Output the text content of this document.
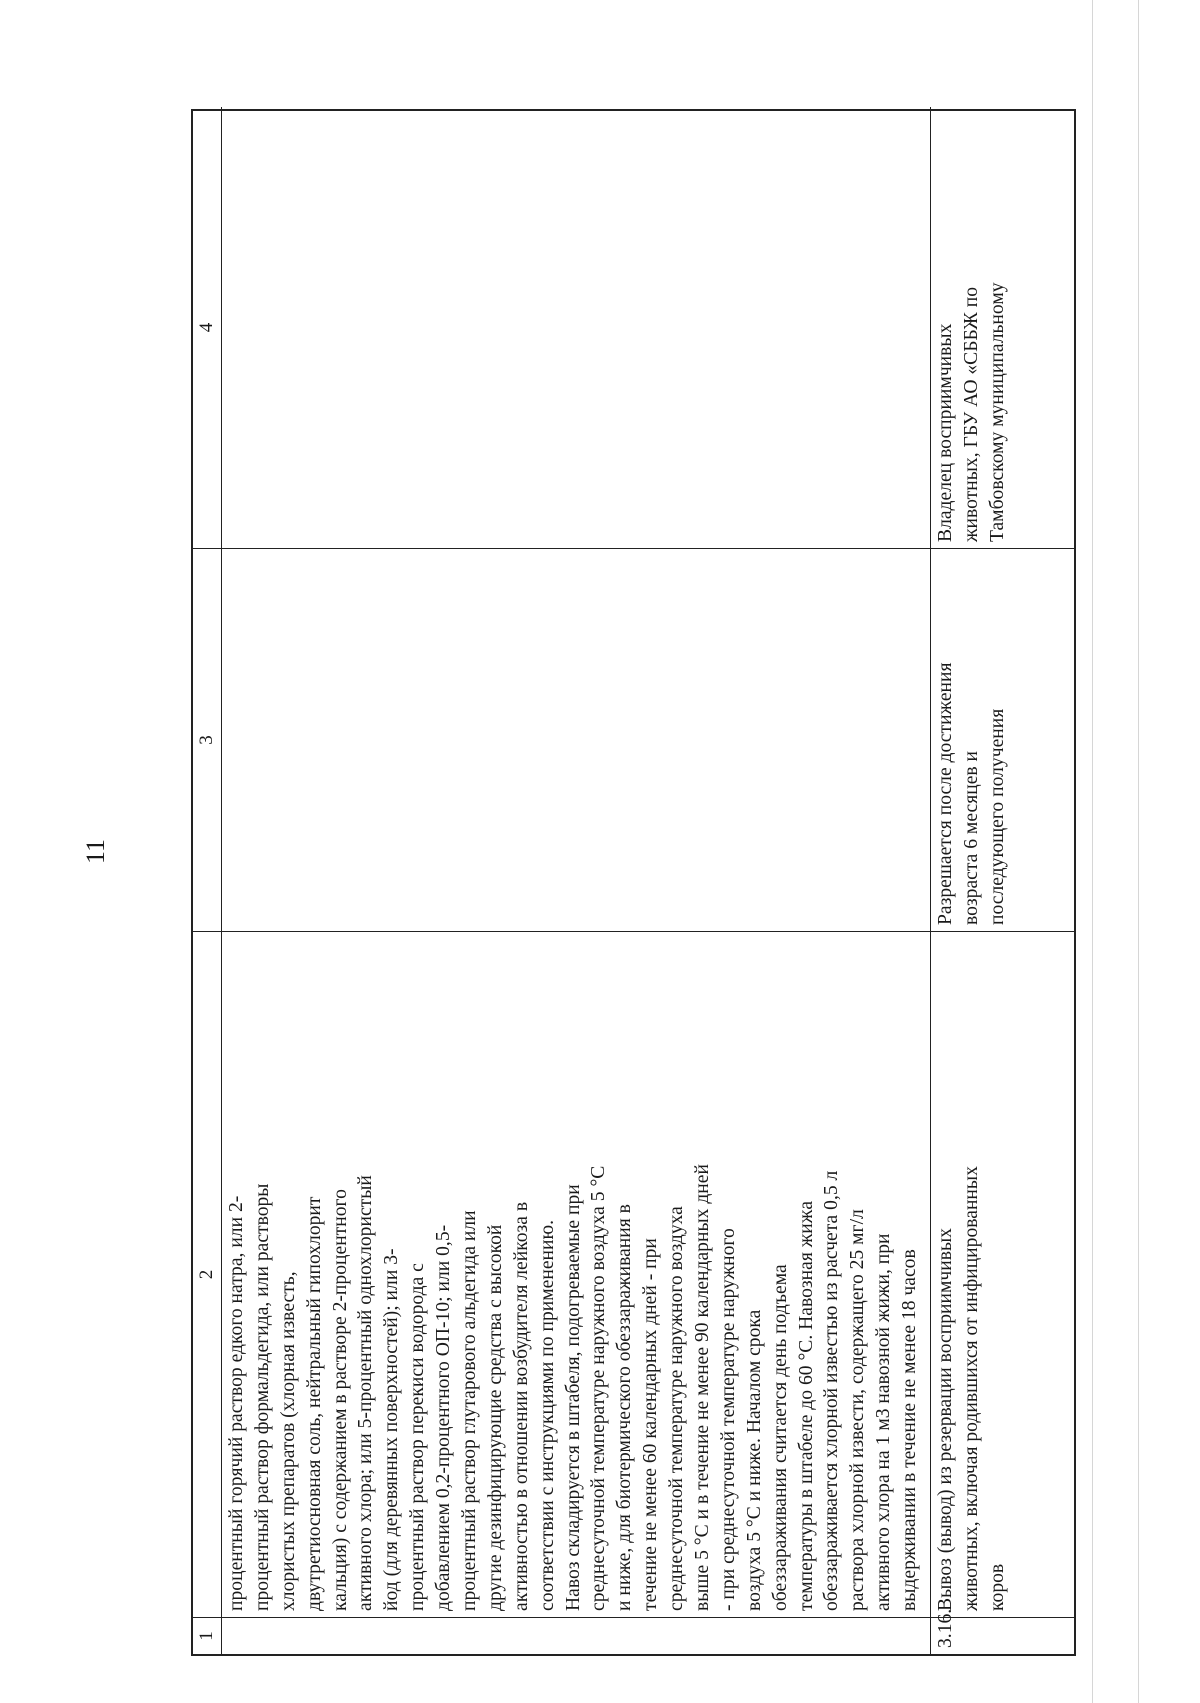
11
1
2
3
4
процентный горячий раствор едкого натра, или 2- процентный раствор формальдегида, или растворы хлористых препаратов (хлорная известь, двутретиосновная соль, нейтральный гипохлорит кальция) с содержанием в растворе 2-процентного активного хлора; или 5-процентный однохлористый йод (для деревянных поверхностей); или 3- процентный раствор перекиси водорода с добавлением 0,2-процентного ОП-10; или 0,5- процентный раствор глутарового альдегида или другие дезинфицирующие средства с высокой активностью в отношении возбудителя лейкоза в соответствии с инструкциями по применению. Навоз складируется в штабеля, подогреваемые при среднесуточной температуре наружного воздуха 5 °С и ниже, для биотермического обеззараживания в течение не менее 60 календарных дней - при среднесуточной температуре наружного воздуха выше 5 °С и в течение не менее 90 календарных дней - при среднесуточной температуре наружного воздуха 5 °С и ниже. Началом срока обеззараживания считается день подъема температуры в штабеле до 60 °С. Навозная жижа обеззараживается хлорной известью из расчета 0,5 л раствора хлорной извести, содержащего 25 мг/л активного хлора на 1 м3 навозной жижи, при выдерживании в течение не менее 18 часов
3.16.
Вывоз (вывод) из резервации восприимчивых животных, включая родившихся от инфицированных коров
Разрешается после достижения возраста 6 месяцев и последующего получения
Владелец восприимчивых животных, ГБУ АО «СББЖ по Тамбовскому муниципальному
